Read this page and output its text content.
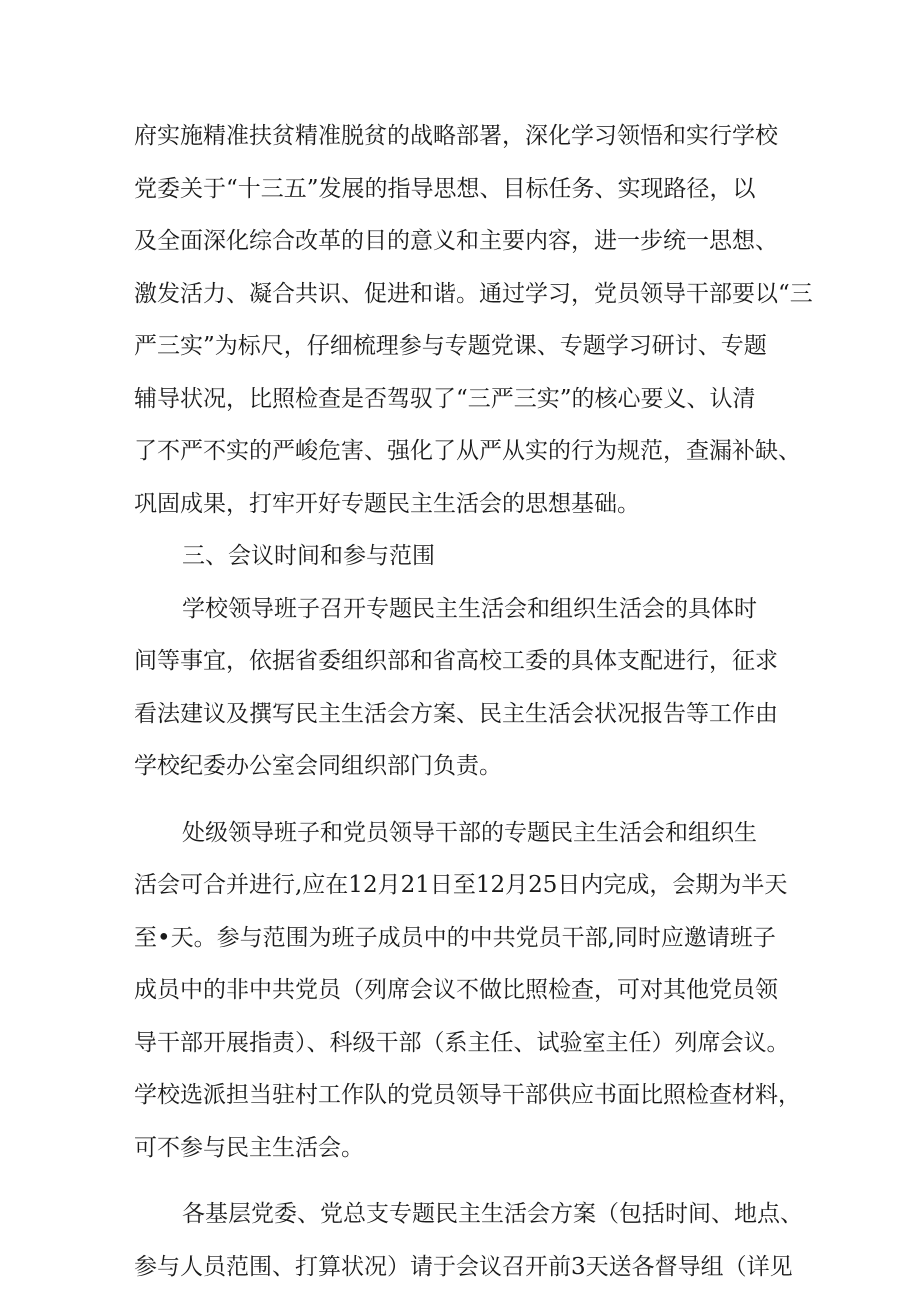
府实施精准扶贫精准脱贫的战略部署，深化学习领悟和实行学校
党委关于“十三五”发展的指导思想、目标任务、实现路径，以
及全面深化综合改革的目的意义和主要内容，进一步统一思想、
激发活力、凝合共识、促进和谐。通过学习，党员领导干部要以“三
严三实”为标尺，仔细梳理参与专题党课、专题学习研讨、专题
辅导状况，比照检查是否驾驭了“三严三实”的核心要义、认清
了不严不实的严峻危害、强化了从严从实的行为规范，查漏补缺、
巩固成果，打牢开好专题民主生活会的思想基础。
三、会议时间和参与范围
学校领导班子召开专题民主生活会和组织生活会的具体时
间等事宜，依据省委组织部和省高校工委的具体支配进行，征求
看法建议及撰写民主生活会方案、民主生活会状况报告等工作由
学校纪委办公室会同组织部门负责。
处级领导班子和党员领导干部的专题民主生活会和组织生
活会可合并进行,应在12月21日至12月25日内完成，会期为半天
至•天。参与范围为班子成员中的中共党员干部,同时应邀请班子
成员中的非中共党员（列席会议不做比照检查，可对其他党员领
导干部开展指责）、科级干部（系主任、试验室主任）列席会议。
学校选派担当驻村工作队的党员领导干部供应书面比照检查材料，
可不参与民主生活会。
各基层党委、党总支专题民主生活会方案（包括时间、地点、
参与人员范围、打算状况）请于会议召开前3天送各督导组（详见
